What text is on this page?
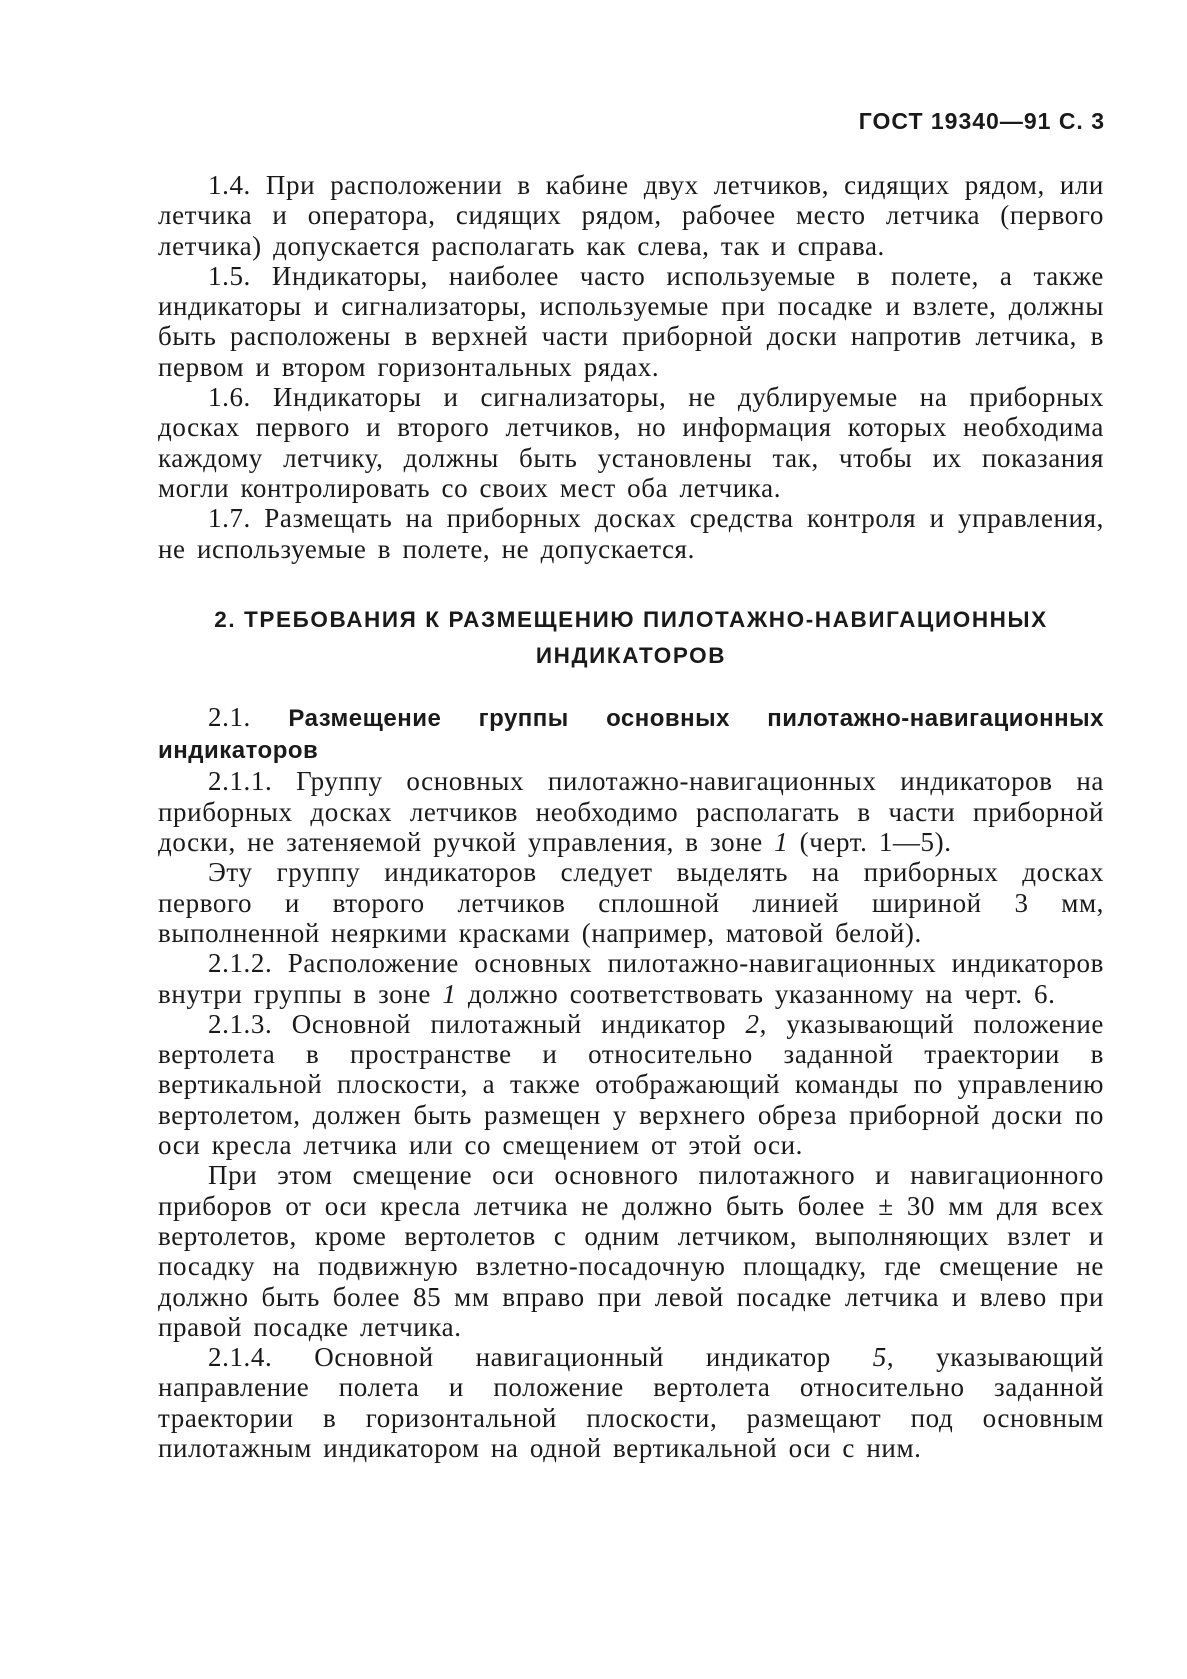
ГОСТ 19340—91 С. 3

1.4. При расположении в кабине двух летчиков, сидящих рядом, или летчика и оператора, сидящих рядом, рабочее место летчика (первого летчика) допускается располагать как слева, так и справа.

1.5. Индикаторы, наиболее часто используемые в полете, а также индикаторы и сигнализаторы, используемые при посадке и взлете, должны быть расположены в верхней части приборной доски напротив летчика, в первом и втором горизонтальных рядах.

1.6. Индикаторы и сигнализаторы, не дублируемые на приборных досках первого и второго летчиков, но информация которых необходима каждому летчику, должны быть установлены так, чтобы их показания могли контролировать со своих мест оба летчика.

1.7. Размещать на приборных досках средства контроля и управления, не используемые в полете, не допускается.

2. ТРЕБОВАНИЯ К РАЗМЕЩЕНИЮ ПИЛОТАЖНО-НАВИГАЦИОННЫХ
ИНДИКАТОРОВ

2.1. Размещение группы основных пилотажно-навигационных индикаторов

2.1.1. Группу основных пилотажно-навигационных индикаторов на приборных досках летчиков необходимо располагать в части приборной доски, не затеняемой ручкой управления, в зоне 1 (черт. 1—5).

Эту группу индикаторов следует выделять на приборных досках первого и второго летчиков сплошной линией шириной 3 мм, выполненной неяркими красками (например, матовой белой).

2.1.2. Расположение основных пилотажно-навигационных индикаторов внутри группы в зоне 1 должно соответствовать указанному на черт. 6.

2.1.3. Основной пилотажный индикатор 2, указывающий положение вертолета в пространстве и относительно заданной траектории в вертикальной плоскости, а также отображающий команды по управлению вертолетом, должен быть размещен у верхнего обреза приборной доски по оси кресла летчика или со смещением от этой оси.

При этом смещение оси основного пилотажного и навигационного приборов от оси кресла летчика не должно быть более ± 30 мм для всех вертолетов, кроме вертолетов с одним летчиком, выполняющих взлет и посадку на подвижную взлетно-посадочную площадку, где смещение не должно быть более 85 мм вправо при левой посадке летчика и влево при правой посадке летчика.

2.1.4. Основной навигационный индикатор 5, указывающий направление полета и положение вертолета относительно заданной траектории в горизонтальной плоскости, размещают под основным пилотажным индикатором на одной вертикальной оси с ним.
